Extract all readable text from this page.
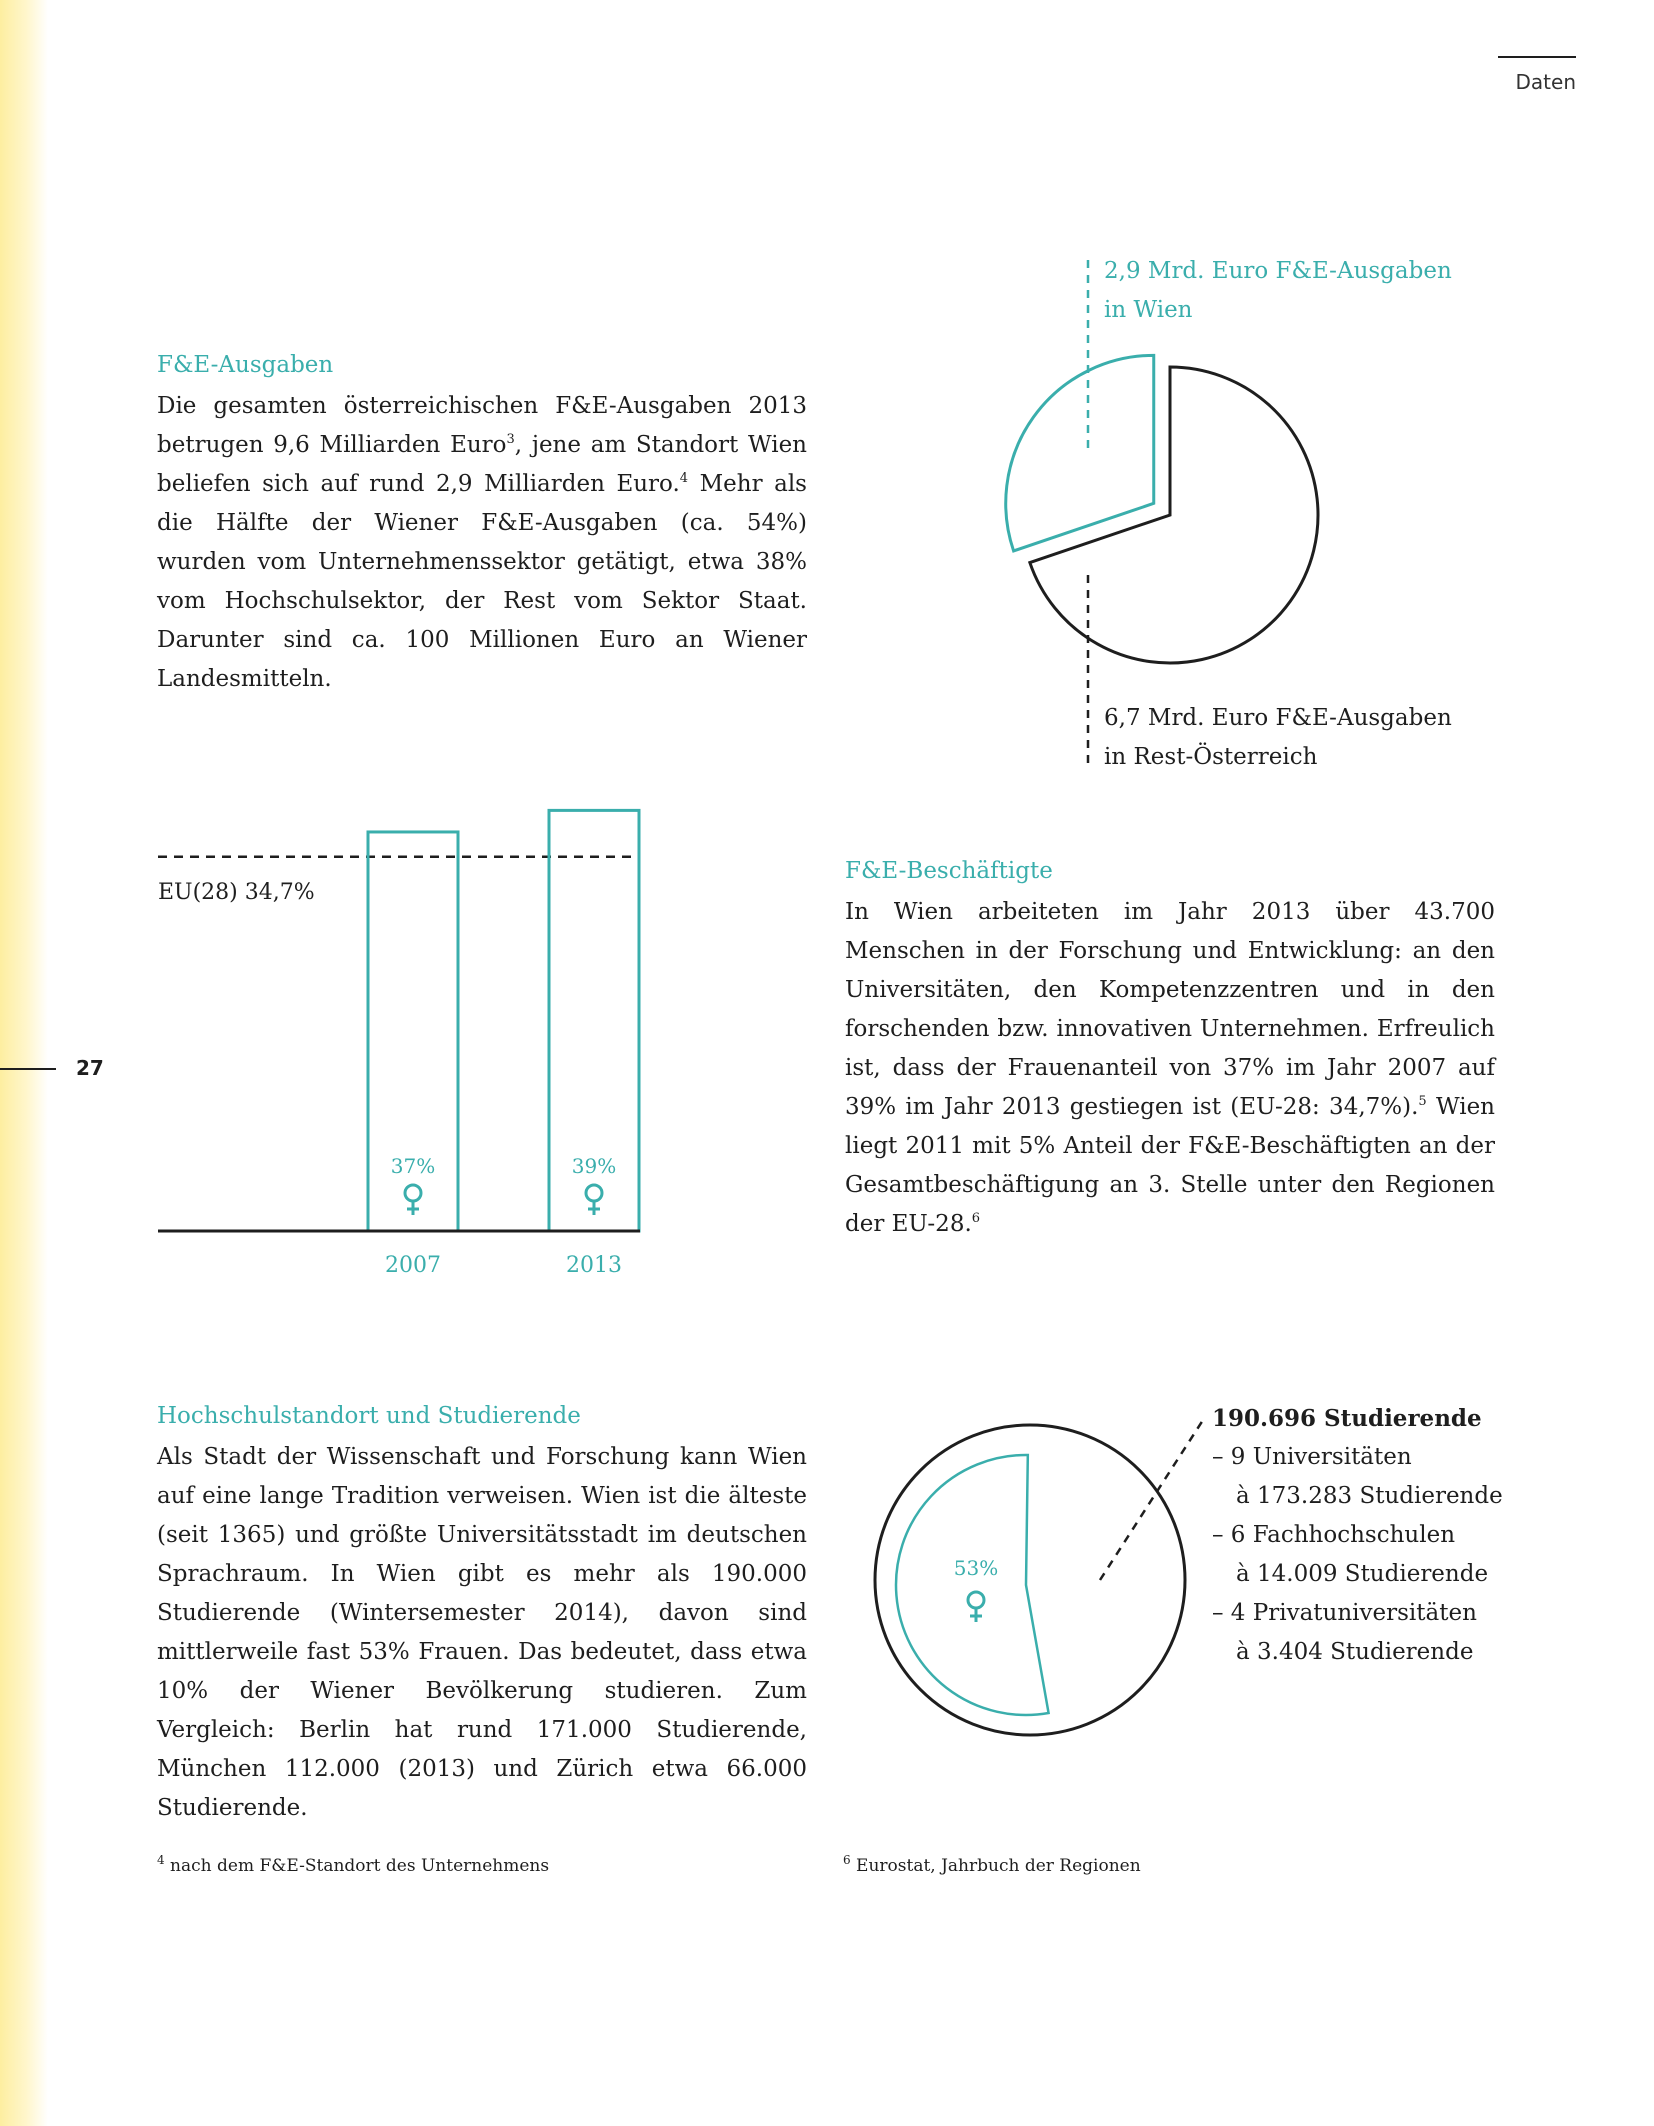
Daten
27
F&E-Ausgaben
Die gesamten österreichischen F&E-Ausgaben 2013 betrugen 9,6 Milliarden Euro$^3$, jene am Standort Wien beliefen sich auf rund 2,9 Milliarden Euro.$^4$ Mehr als die Hälfte der Wiener F&E-Ausgaben (ca. 54%) wurden vom Unternehmenssektor getätigt, etwa 38% vom Hochschulsektor, der Rest vom Sektor Staat. Darunter sind ca. 100 Millionen Euro an Wiener Landesmitteln.
2,9 Mrd. Euro F&E-Ausgaben
in Wien
6,7 Mrd. Euro F&E-Ausgaben
in Rest-Österreich
EU(28) 34,7%
37%	39%
2007	2013
F&E-Beschäftigte
In Wien arbeiteten im Jahr 2013 über 43.700 Menschen in der Forschung und Entwicklung: an den Universitäten, den Kompetenzzentren und in den forschenden bzw. innovativen Unternehmen. Erfreulich ist, dass der Frauenanteil von 37% im Jahr 2007 auf 39% im Jahr 2013 gestiegen ist (EU-28: 34,7%).$^5$ Wien liegt 2011 mit 5% Anteil der F&E-Beschäftigten an der Gesamtbeschäftigung an 3. Stelle unter den Regionen der EU-28.$^6$
Hochschulstandort und Studierende
Als Stadt der Wissenschaft und Forschung kann Wien auf eine lange Tradition verweisen. Wien ist die älteste (seit 1365) und größte Universitätsstadt im deutschen Sprachraum. In Wien gibt es mehr als 190.000 Studierende (Wintersemester 2014), davon sind mittlerweile fast 53% Frauen. Das bedeutet, dass etwa 10% der Wiener Bevölkerung studieren. Zum Vergleich: Berlin hat rund 171.000 Studierende, München 112.000 (2013) und Zürich etwa 66.000 Studierende.
53%
190.696 Studierende
– 9 Universitäten
à 173.283 Studierende
– 6 Fachhochschulen
à 14.009 Studierende
– 4 Privatuniversitäten
à 3.404 Studierende
$^4$ nach dem F&E-Standort des Unternehmens	$^6$ Eurostat, Jahrbuch der Regionen
